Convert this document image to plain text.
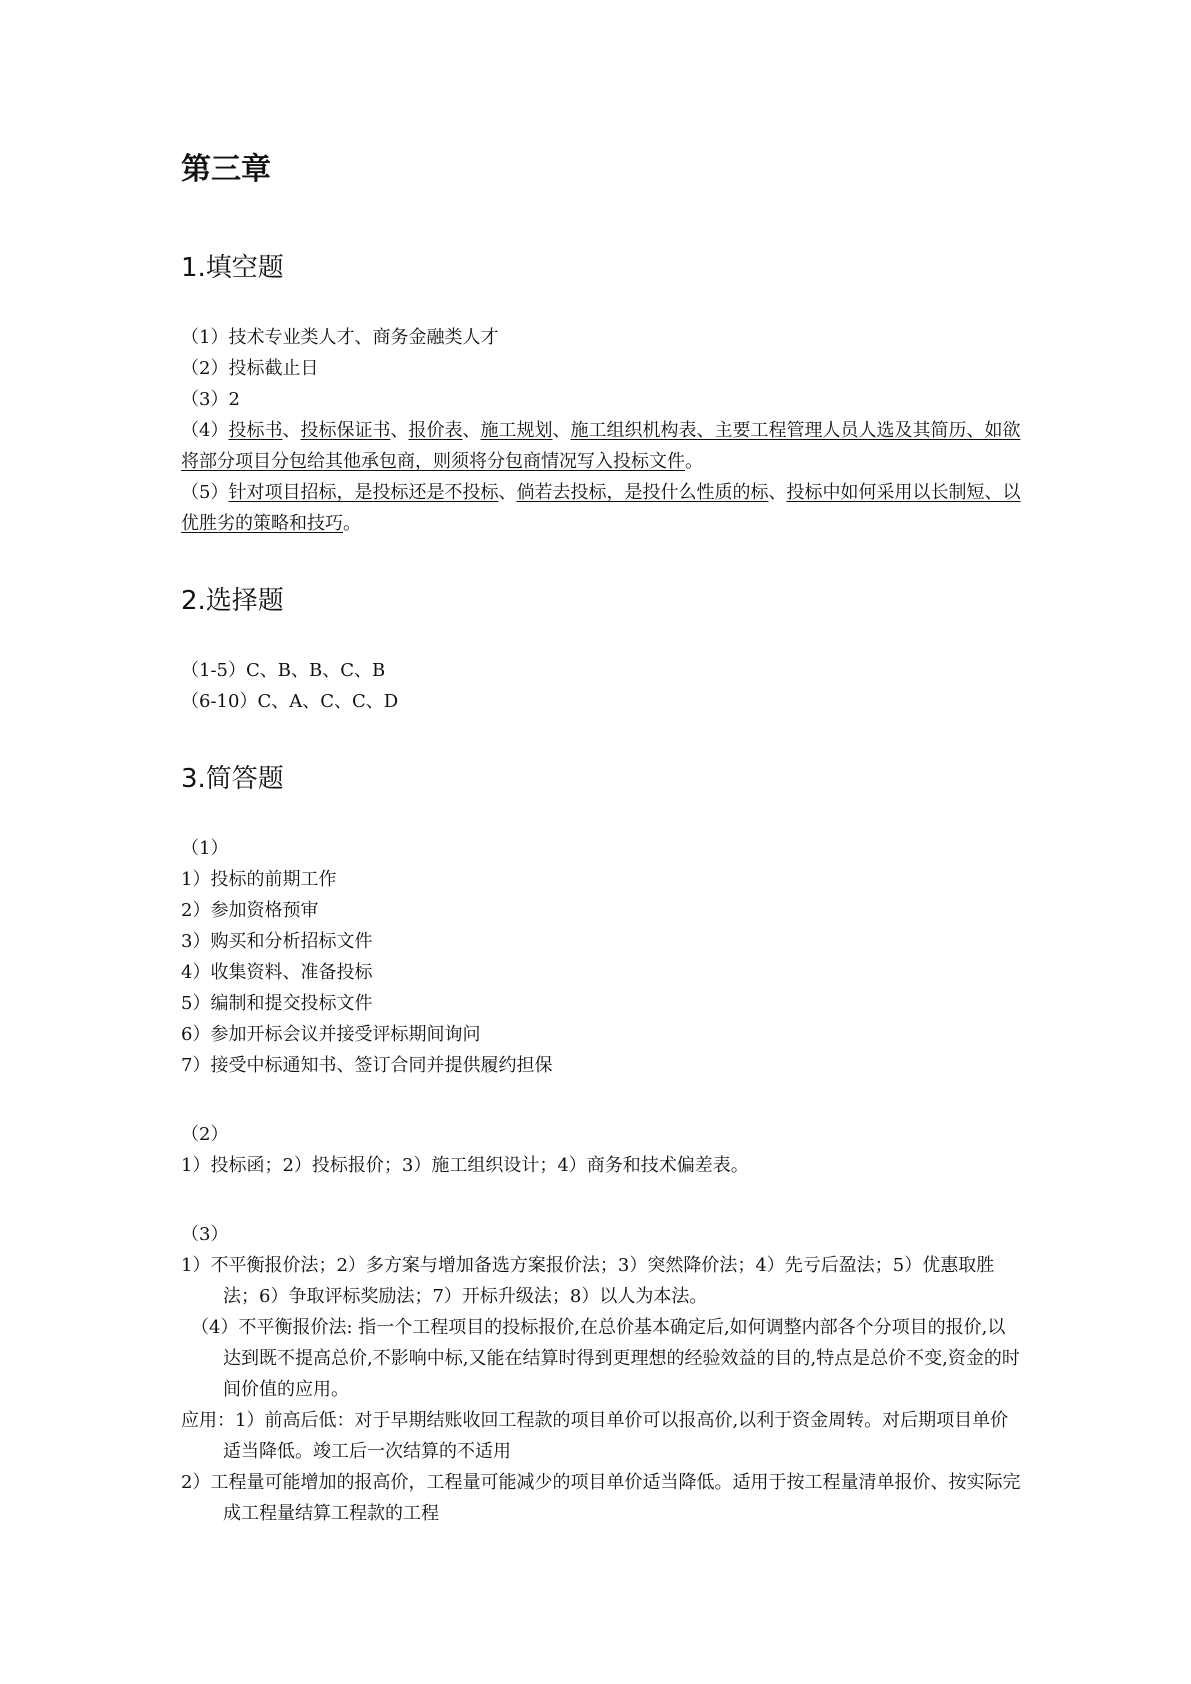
第三章
1.填空题

（1）技术专业类人才、商务金融类人才

（2）投标截止日

（3）2

（4）投标书、投标保证书、报价表、施工规划、施工组织机构表、主要工程管理人员人选及其简历、如欲将部分项目分包给其他承包商，则须将分包商情况写入投标文件。

（5）针对项目招标，是投标还是不投标、倘若去投标，是投什么性质的标、投标中如何采用以长制短、以优胜劣的策略和技巧。

2.选择题

（1-5）C、B、B、C、B

（6-10）C、A、C、C、D

3.简答题

（1）

1）投标的前期工作

2）参加资格预审

3）购买和分析招标文件

4）收集资料、准备投标

5）编制和提交投标文件

6）参加开标会议并接受评标期间询问

7）接受中标通知书、签订合同并提供履约担保

（2）

1）投标函；2）投标报价；3）施工组织设计；4）商务和技术偏差表。

（3）

1）不平衡报价法；2）多方案与增加备选方案报价法；3）突然降价法；4）先亏后盈法；5）优惠取胜法；6）争取评标奖励法；7）开标升级法；8）以人为本法。

（4）不平衡报价法: 指一个工程项目的投标报价,在总价基本确定后,如何调整内部各个分项目的报价,以达到既不提高总价,不影响中标,又能在结算时得到更理想的经验效益的目的,特点是总价不变,资金的时间价值的应用。

应用：1）前高后低：对于早期结账收回工程款的项目单价可以报高价,以利于资金周转。对后期项目单价适当降低。竣工后一次结算的不适用

2）工程量可能增加的报高价，工程量可能减少的项目单价适当降低。适用于按工程量清单报价、按实际完成工程量结算工程款的工程
